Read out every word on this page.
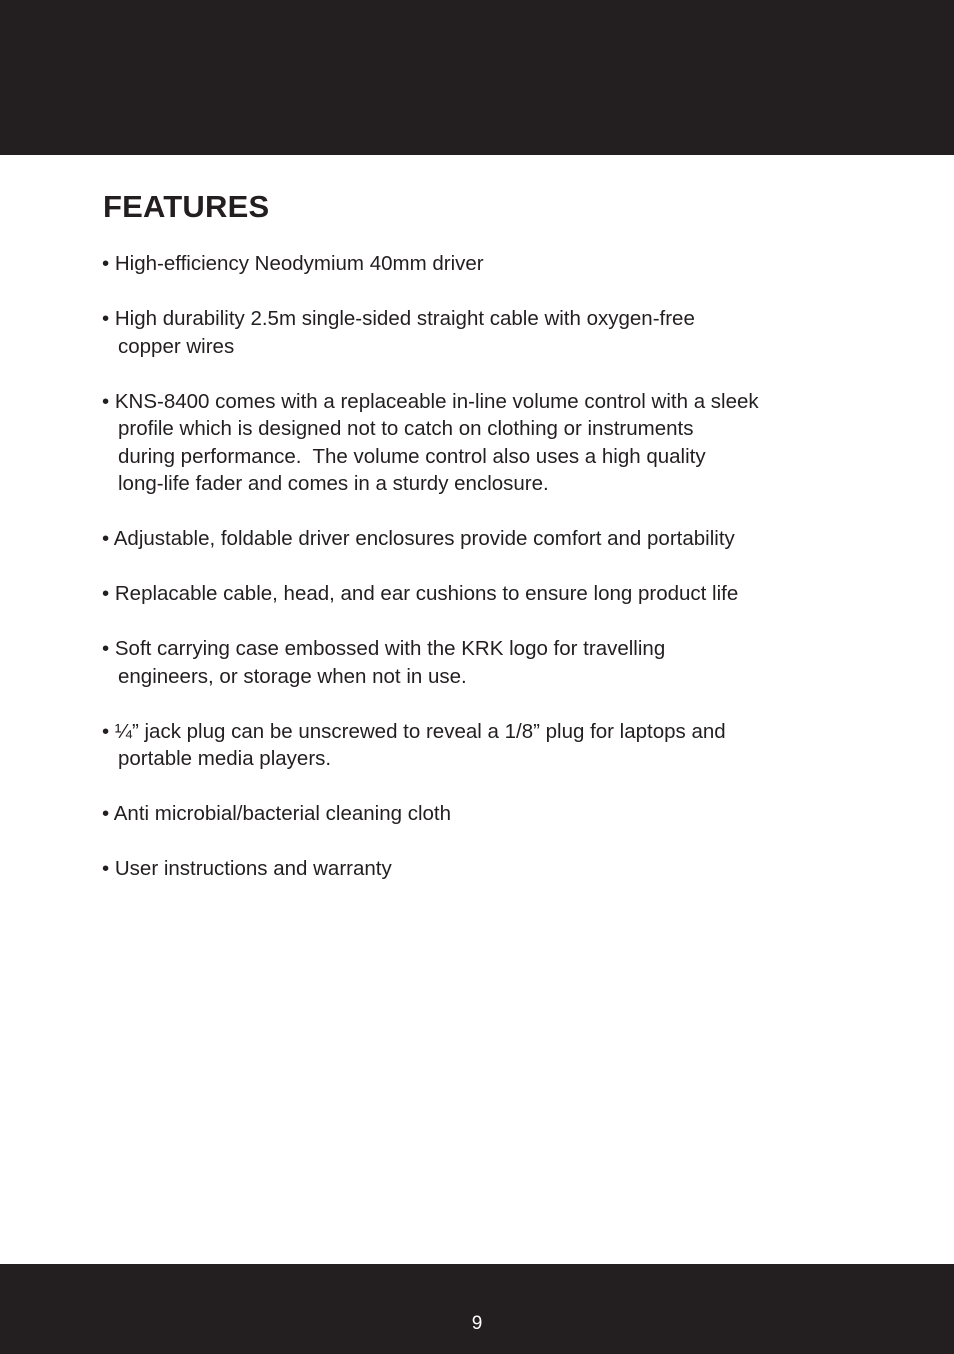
FEATURES
• High-efficiency Neodymium 40mm driver
• High durability 2.5m single-sided straight cable with oxygen-free
copper wires
• KNS-8400 comes with a replaceable in-line volume control with a sleek
profile which is designed not to catch on clothing or instruments
during performance.  The volume control also uses a high quality
long-life fader and comes in a sturdy enclosure.
• Adjustable, foldable driver enclosures provide comfort and portability
• Replacable cable, head, and ear cushions to ensure long product life
• Soft carrying case embossed with the KRK logo for travelling
engineers, or storage when not in use.
• ¼” jack plug can be unscrewed to reveal a 1/8” plug for laptops and
portable media players.
• Anti microbial/bacterial cleaning cloth
• User instructions and warranty
9
